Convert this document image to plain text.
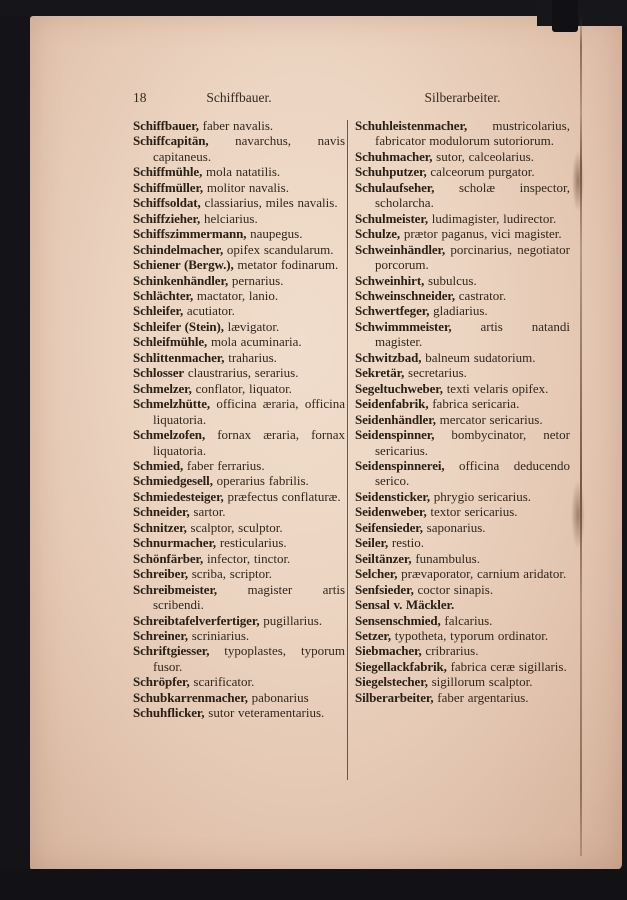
18	Schiffbauer.	Silberarbeiter.

Schiffbauer, faber navalis.

Schiffcapitän, navarchus, navis capitaneus.

Schiffmühle, mola natatilis.

Schiffmüller, molitor navalis.

Schiffsoldat, classiarius, miles navalis.

Schiffzieher, helciarius.

Schiffszimmermann, naupegus.

Schindelmacher, opifex scandularum.

Schiener (Bergw.), metator fodinarum.

Schinkenhändler, pernarius.

Schlächter, mactator, lanio.

Schleifer, acutiator.

Schleifer (Stein), lævigator.

Schleifmühle, mola acuminaria.

Schlittenmacher, traharius.

Schlosser claustrarius, serarius.

Schmelzer, conflator, liquator.

Schmelzhütte, officina æraria, officina liquatoria.

Schmelzofen, fornax æraria, fornax liquatoria.

Schmied, faber ferrarius.

Schmiedgesell, operarius fabrilis.

Schmiedesteiger, præfectus conflaturæ.

Schneider, sartor.

Schnitzer, scalptor, sculptor.

Schnurmacher, resticularius.

Schönfärber, infector, tinctor.

Schreiber, scriba, scriptor.

Schreibmeister, magister artis scribendi.

Schreibtafelverfertiger, pugillarius.

Schreiner, scriniarius.

Schriftgiesser, typoplastes, typorum fusor.

Schröpfer, scarificator.

Schubkarrenmacher, pabonarius

Schuhflicker, sutor veteramentarius.

Schuhleistenmacher, mustricolarius, fabricator modulorum sutoriorum.

Schuhmacher, sutor, calceolarius.

Schuhputzer, calceorum purgator.

Schulaufseher, scholæ inspector, scholarcha.

Schulmeister, ludimagister, ludirector.

Schulze, prætor paganus, vici magister.

Schweinhändler, porcinarius, negotiator porcorum.

Schweinhirt, subulcus.

Schweinschneider, castrator.

Schwertfeger, gladiarius.

Schwimmmeister, artis natandi magister.

Schwitzbad, balneum sudatorium.

Sekretär, secretarius.

Segeltuchweber, texti velaris opifex.

Seidenfabrik, fabrica sericaria.

Seidenhändler, mercator sericarius.

Seidenspinner, bombycinator, netor sericarius.

Seidenspinnerei, officina deducendo serico.

Seidensticker, phrygio sericarius.

Seidenweber, textor sericarius.

Seifensieder, saponarius.

Seiler, restio.

Seiltänzer, funambulus.

Selcher, prævaporator, carnium aridator.

Senfsieder, coctor sinapis.

Sensal v. Mäckler.

Sensenschmied, falcarius.

Setzer, typotheta, typorum ordinator.

Siebmacher, cribrarius.

Siegellackfabrik, fabrica ceræ sigillaris.

Siegelstecher, sigillorum scalptor.

Silberarbeiter, faber argentarius.
